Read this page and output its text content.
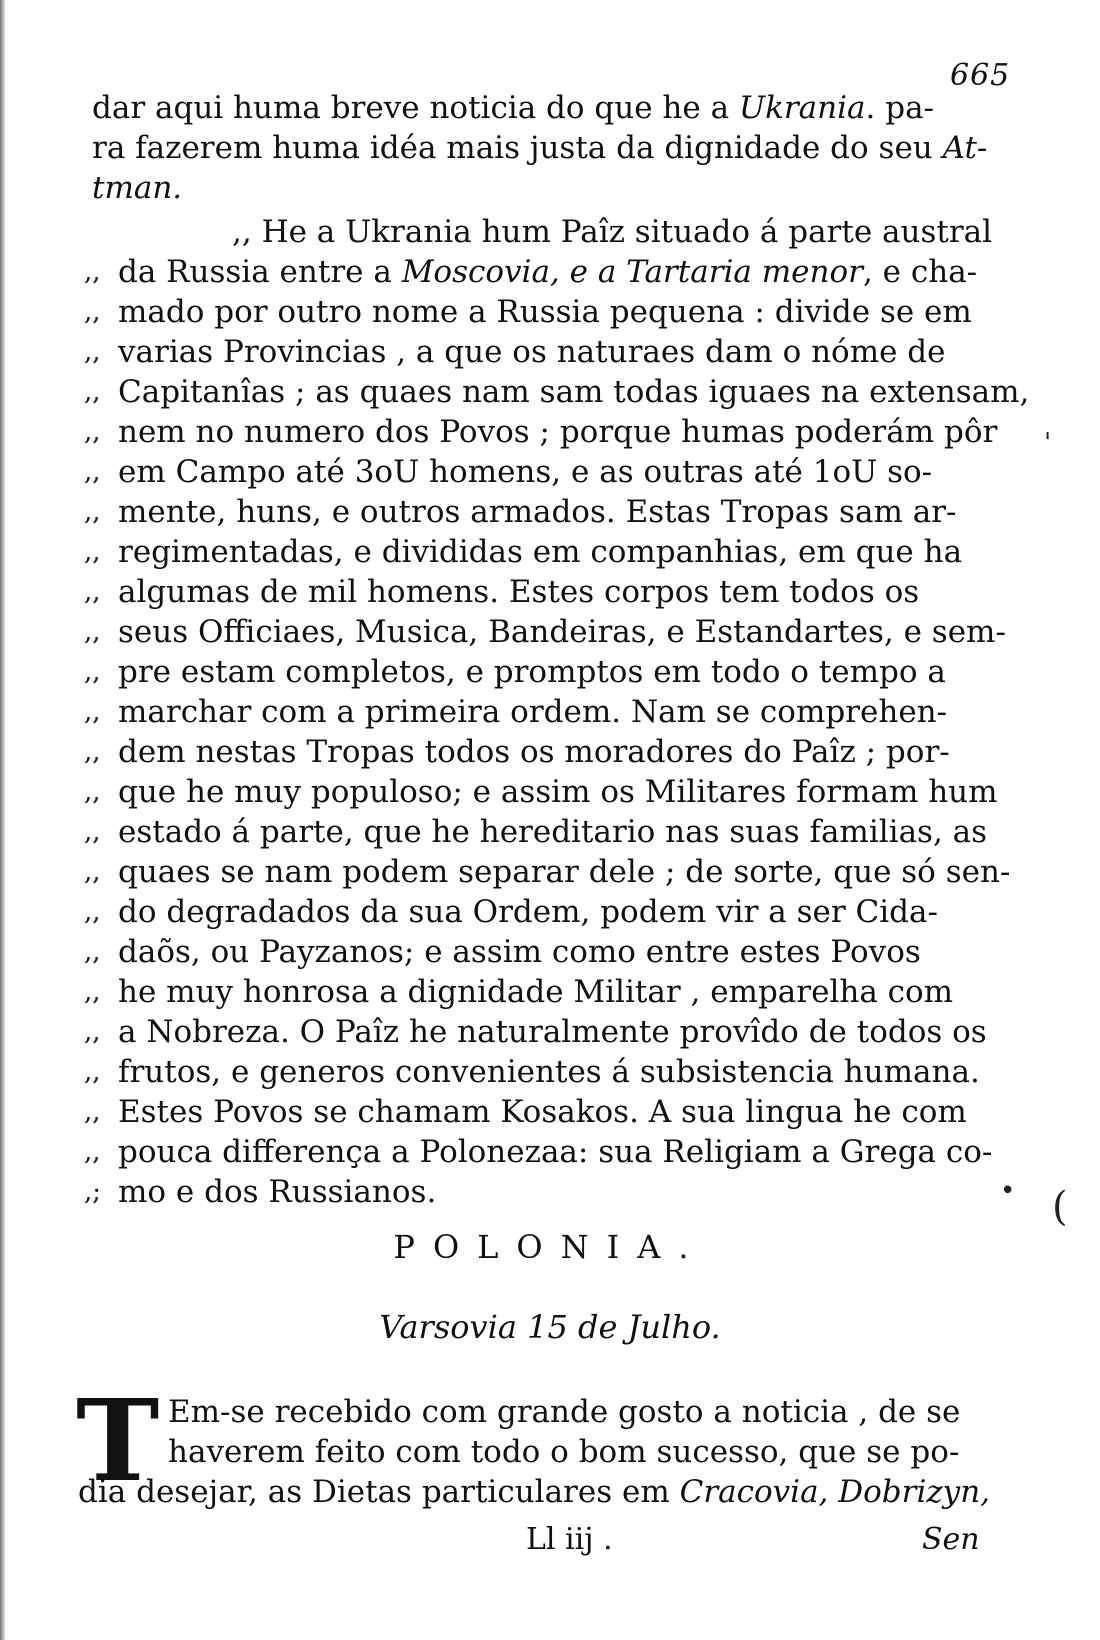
665
dar aqui huma breve noticia do que he a Ukrania. pa-
ra fazerem huma idéa mais justa da dignidade do seu At-
tman.
,, He a Ukrania hum Paîz situado á parte austral
,, da Russia entre a Moscovia, e a Tartaria menor, e cha-
,, mado por outro nome a Russia pequena : divide se em
,, varias Provincias , a que os naturaes dam o nóme de
,, Capitanîas ; as quaes nam sam todas iguaes na extensam,
,, nem no numero dos Povos ; porque humas poderám pôr
,, em Campo até 3oU homens, e as outras até 1oU so-
,, mente, huns, e outros armados. Estas Tropas sam ar-
,, regimentadas, e divididas em companhias, em que ha
,, algumas de mil homens. Estes corpos tem todos os
,, seus Officiaes, Musica, Bandeiras, e Estandartes, e sem-
,, pre estam completos, e promptos em todo o tempo a
,, marchar com a primeira ordem. Nam se comprehen-
,, dem nestas Tropas todos os moradores do Paîz ; por-
,, que he muy populoso; e assim os Militares formam hum
,, estado á parte, que he hereditario nas suas familias, as
,, quaes se nam podem separar dele ; de sorte, que só sen-
,, do degradados da sua Ordem, podem vir a ser Cida-
,, daõs, ou Payzanos; e assim como entre estes Povos
,, he muy honrosa a dignidade Militar , emparelha com
,, a Nobreza. O Paîz he naturalmente provîdo de todos os
,, frutos, e generos convenientes á subsistencia humana.
,, Estes Povos se chamam Kosakos. A sua lingua he com
,, pouca differença a Polonezaa: sua Religiam a Grega co-
,; mo e dos Russianos.
POLONIA.
Varsovia 15 de Julho.
T Em-se recebido com grande gosto a noticia , de se
haverem feito com todo o bom sucesso, que se po-
dia desejar, as Dietas particulares em Cracovia, Dobrizyn,
Ll iij .	Sen
'
(
•
